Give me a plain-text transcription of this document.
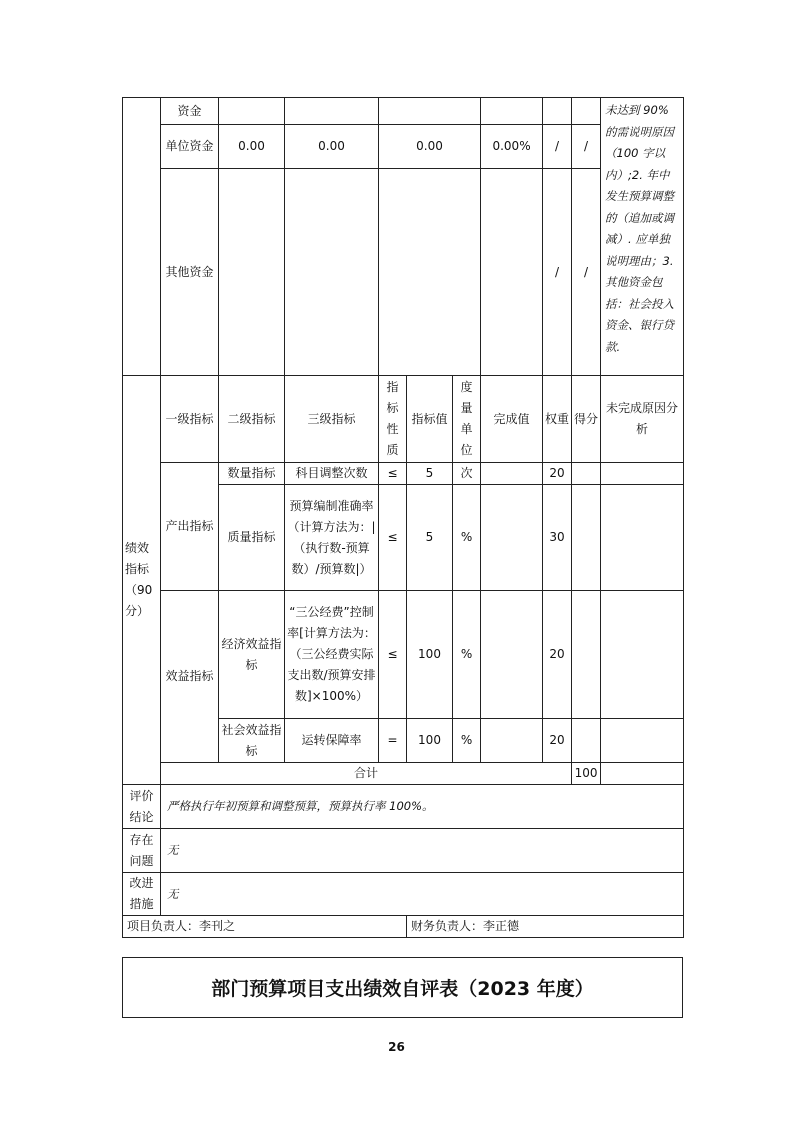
	资金									未达到 90% 的需说明原因（100 字以内）;2. 年中发生预算调整的（追加或调减）. 应单独说明理由；3. 其他资金包括：社会投入资金、银行贷款.	
	单位资金	0.00	0.00	0.00			0.00%	/	/		
	其他资金							/	/		
绩效指标（90分）	一级指标	二级指标	三级指标	指标性质	指标值	度量单位	完成值	权重	得分	未完成原因分析	
	产出指标	数量指标	科目调整次数	≤	5	次		20			
		质量指标	预算编制准确率（计算方法为：|（执行数-预算数）/预算数|）	≤	5	%		30			
	效益指标	经济效益指标	“三公经费”控制率[计算方法为：（三公经费实际支出数/预算安排数]×100%）	≤	100	%		20			
		社会效益指标	运转保障率	=	100	%		20			
	合计								100		
评价结论	严格执行年初预算和调整预算，预算执行率 100%。										
存在问题	无										
改进措施	无										
项目负责人：李刊之					财务负责人：李正德						
部门预算项目支出绩效自评表（2023 年度）
26
